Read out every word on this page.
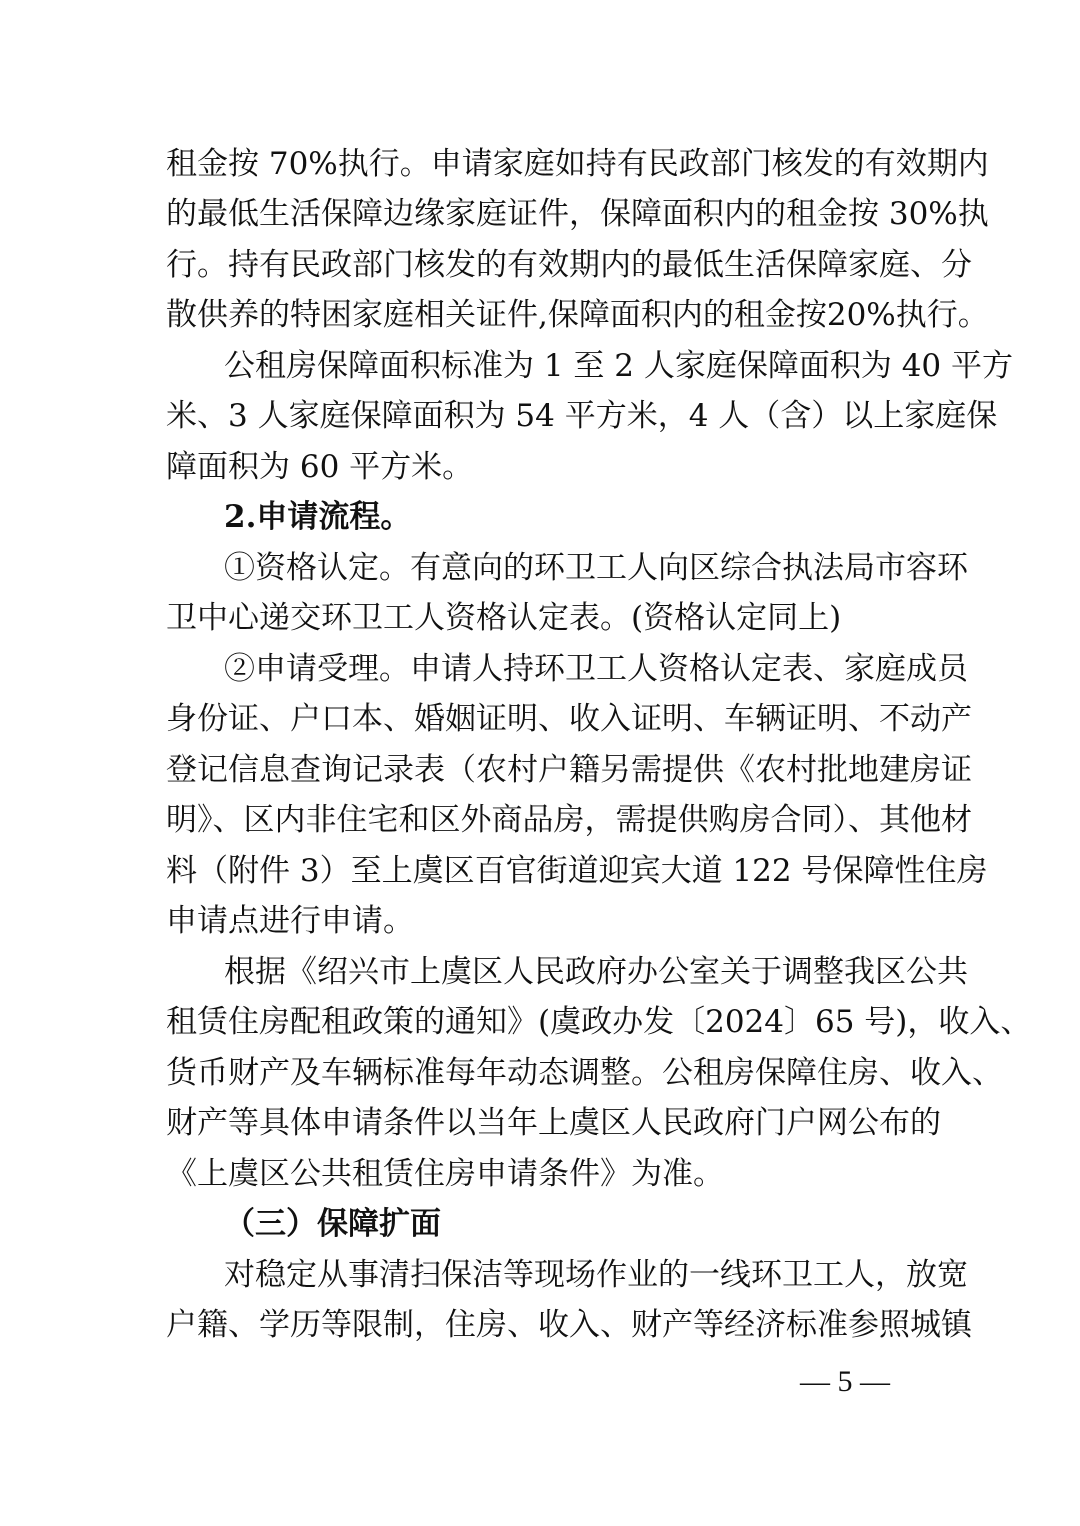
租金按 70%执行。申请家庭如持有民政部门核发的有效期内
的最低生活保障边缘家庭证件，保障面积内的租金按 30%执
行。持有民政部门核发的有效期内的最低生活保障家庭、分
散供养的特困家庭相关证件,保障面积内的租金按20%执行。
公租房保障面积标准为 1 至 2 人家庭保障面积为 40 平方
米、3 人家庭保障面积为 54 平方米，4 人（含）以上家庭保
障面积为 60 平方米。
2.申请流程。
①资格认定。有意向的环卫工人向区综合执法局市容环
卫中心递交环卫工人资格认定表。(资格认定同上)
②申请受理。申请人持环卫工人资格认定表、家庭成员
身份证、户口本、婚姻证明、收入证明、车辆证明、不动产
登记信息查询记录表（农村户籍另需提供《农村批地建房证
明》、区内非住宅和区外商品房，需提供购房合同）、其他材
料（附件 3）至上虞区百官街道迎宾大道 122 号保障性住房
申请点进行申请。
根据《绍兴市上虞区人民政府办公室关于调整我区公共
租赁住房配租政策的通知》(虞政办发〔2024〕65 号)，收入、
货币财产及车辆标准每年动态调整。公租房保障住房、收入、
财产等具体申请条件以当年上虞区人民政府门户网公布的
《上虞区公共租赁住房申请条件》为准。
（三）保障扩面
对稳定从事清扫保洁等现场作业的一线环卫工人，放宽
户籍、学历等限制，住房、收入、财产等经济标准参照城镇
— 5 —
